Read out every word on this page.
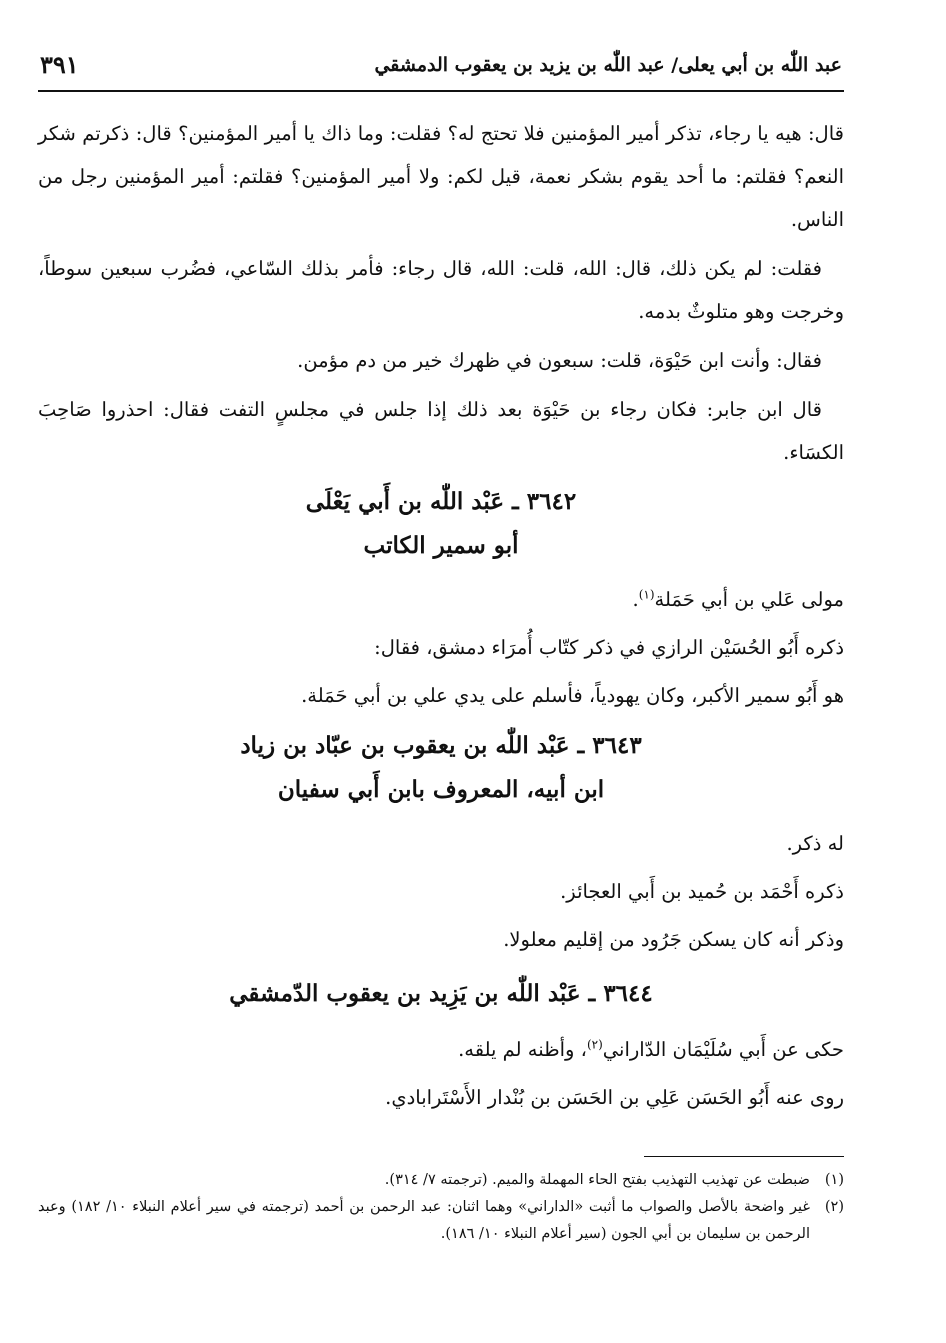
عبد اللّٰه بن أبي يعلى/ عبد اللّٰه بن يزيد بن يعقوب الدمشقي
٣٩١

قال: هيه يا رجاء، تذكر أمير المؤمنين فلا تحتج له؟ فقلت: وما ذاك يا أمير المؤمنين؟ قال: ذكرتم شكر النعم؟ فقلتم: ما أحد يقوم بشكر نعمة، قيل لكم: ولا أمير المؤمنين؟ فقلتم: أمير المؤمنين رجل من الناس.

فقلت: لم يكن ذلك، قال: الله، قلت: الله، قال رجاء: فأمر بذلك السّاعي، فضُرب سبعين سوطاً، وخرجت وهو متلوثٌ بدمه.

فقال: وأنت ابن حَيْوَة، قلت: سبعون في ظهرك خير من دم مؤمن.

قال ابن جابر: فكان رجاء بن حَيْوَة بعد ذلك إذا جلس في مجلسٍ التفت فقال: احذروا صَاحِبَ الكسَاء.

٣٦٤٢ ـ عَبْد اللّٰه بن أَبي يَعْلَى
أبو سمير الكاتب

مولى عَلي بن أبي حَمَلة$^{(١)}$.

ذكره أَبُو الحُسَيْن الرازي في ذكر كتّاب أُمرَاء دمشق، فقال:

هو أَبُو سمير الأكبر، وكان يهودياً، فأسلم على يدي علي بن أبي حَمَلة.

٣٦٤٣ ـ عَبْد اللّٰه بن يعقوب بن عبّاد بن زياد
ابن أبيه، المعروف بابن أَبي سفيان

له ذكر.

ذكره أَحْمَد بن حُميد بن أَبي العجائز.

وذكر أنه كان يسكن جَرُود من إقليم معلولا.

٣٦٤٤ ـ عَبْد اللّٰه بن يَزِيد بن يعقوب الدّمشقي

حكى عن أَبي سُلَيْمَان الدّاراني$^{(٢)}$، وأظنه لم يلقه.

روى عنه أَبُو الحَسَن عَلِي بن الحَسَن بن بُنْدار الأَسْتَرابادي.

(١)
ضبطت عن تهذيب التهذيب بفتح الحاء المهملة والميم. (ترجمته ٧/ ٣١٤).
(٢)
غير واضحة بالأصل والصواب ما أثبت «الداراني» وهما اثنان: عبد الرحمن بن أحمد (ترجمته في سير أعلام النبلاء ١٠/ ١٨٢) وعبد الرحمن بن سليمان بن أبي الجون (سير أعلام النبلاء ١٠/ ١٨٦).
